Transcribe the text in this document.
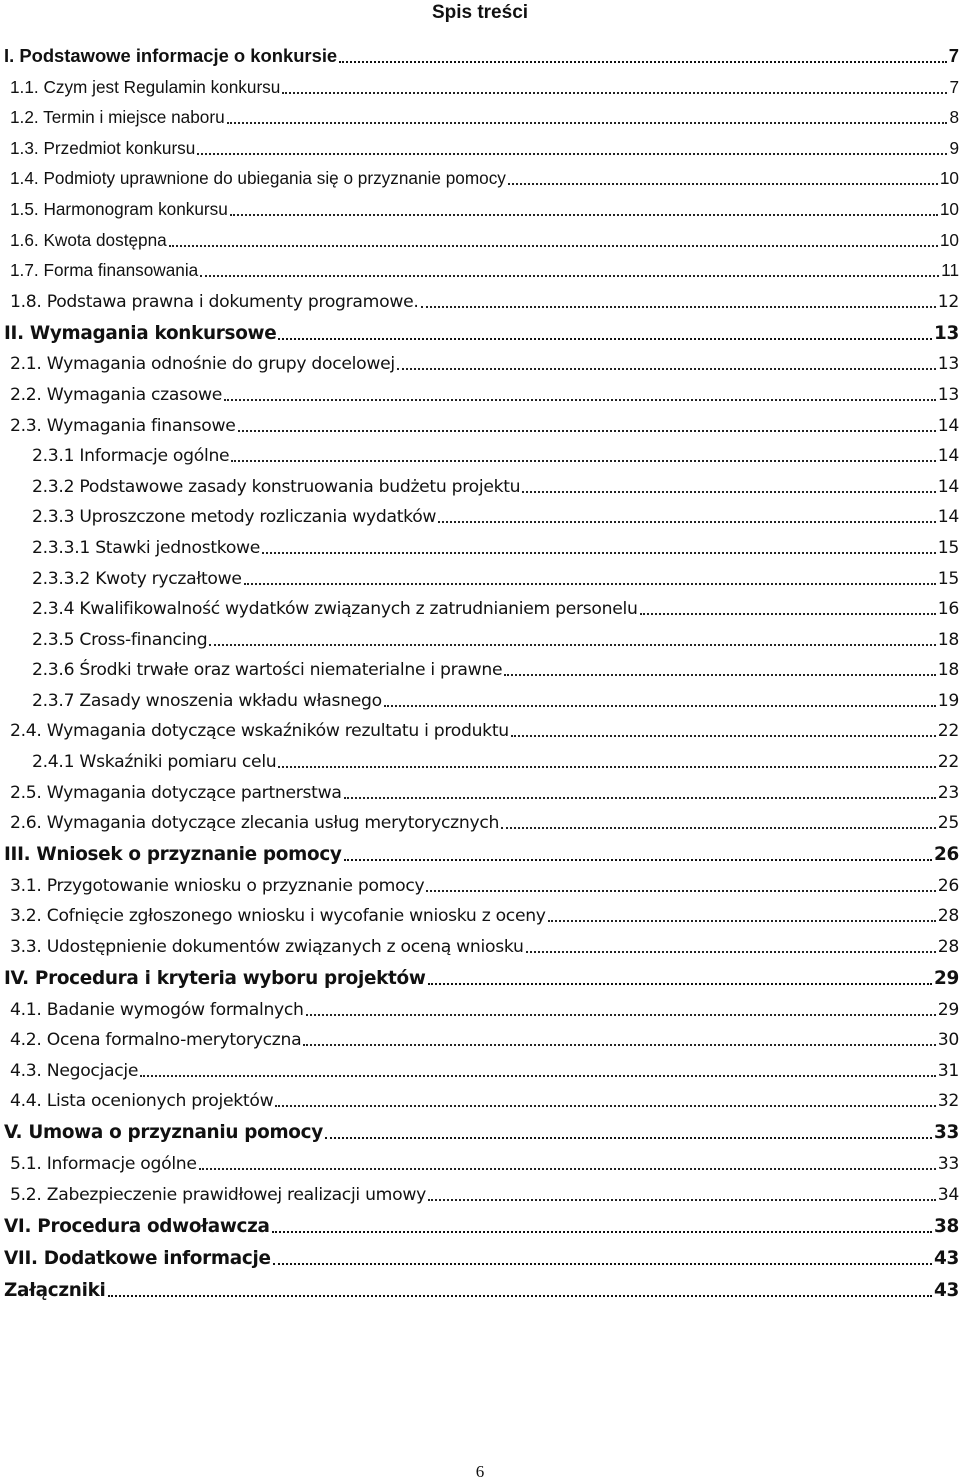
Spis treści
I. Podstawowe informacje o konkursie	7
1.1. Czym jest Regulamin konkursu	7
1.2. Termin i miejsce naboru	8
1.3. Przedmiot konkursu	9
1.4. Podmioty uprawnione do ubiegania się o przyznanie pomocy	10
1.5. Harmonogram konkursu	10
1.6. Kwota dostępna	10
1.7. Forma finansowania	11
1.8. Podstawa prawna i dokumenty programowe.	12
II. Wymagania konkursowe	13
2.1. Wymagania odnośnie do grupy docelowej	13
2.2. Wymagania czasowe	13
2.3. Wymagania finansowe	14
2.3.1 Informacje ogólne	14
2.3.2 Podstawowe zasady konstruowania budżetu projektu	14
2.3.3 Uproszczone metody rozliczania wydatków	14
2.3.3.1 Stawki jednostkowe	15
2.3.3.2 Kwoty ryczałtowe	15
2.3.4 Kwalifikowalność wydatków związanych z zatrudnianiem personelu	16
2.3.5 Cross-financing	18
2.3.6 Środki trwałe oraz wartości niematerialne i prawne	18
2.3.7 Zasady wnoszenia wkładu własnego	19
2.4. Wymagania dotyczące wskaźników rezultatu i produktu	22
2.4.1 Wskaźniki pomiaru celu	22
2.5. Wymagania dotyczące partnerstwa	23
2.6. Wymagania dotyczące zlecania usług merytorycznych	25
III. Wniosek o przyznanie pomocy	26
3.1. Przygotowanie wniosku o przyznanie pomocy	26
3.2. Cofnięcie zgłoszonego wniosku i wycofanie wniosku z oceny	28
3.3. Udostępnienie dokumentów związanych z oceną wniosku	28
IV. Procedura i kryteria wyboru projektów	29
4.1. Badanie wymogów formalnych	29
4.2. Ocena formalno-merytoryczna	30
4.3. Negocjacje	31
4.4. Lista ocenionych projektów	32
V. Umowa o przyznaniu pomocy	33
5.1. Informacje ogólne	33
5.2. Zabezpieczenie prawidłowej realizacji umowy	34
VI. Procedura odwoławcza	38
VII. Dodatkowe informacje	43
Załączniki	43
6
